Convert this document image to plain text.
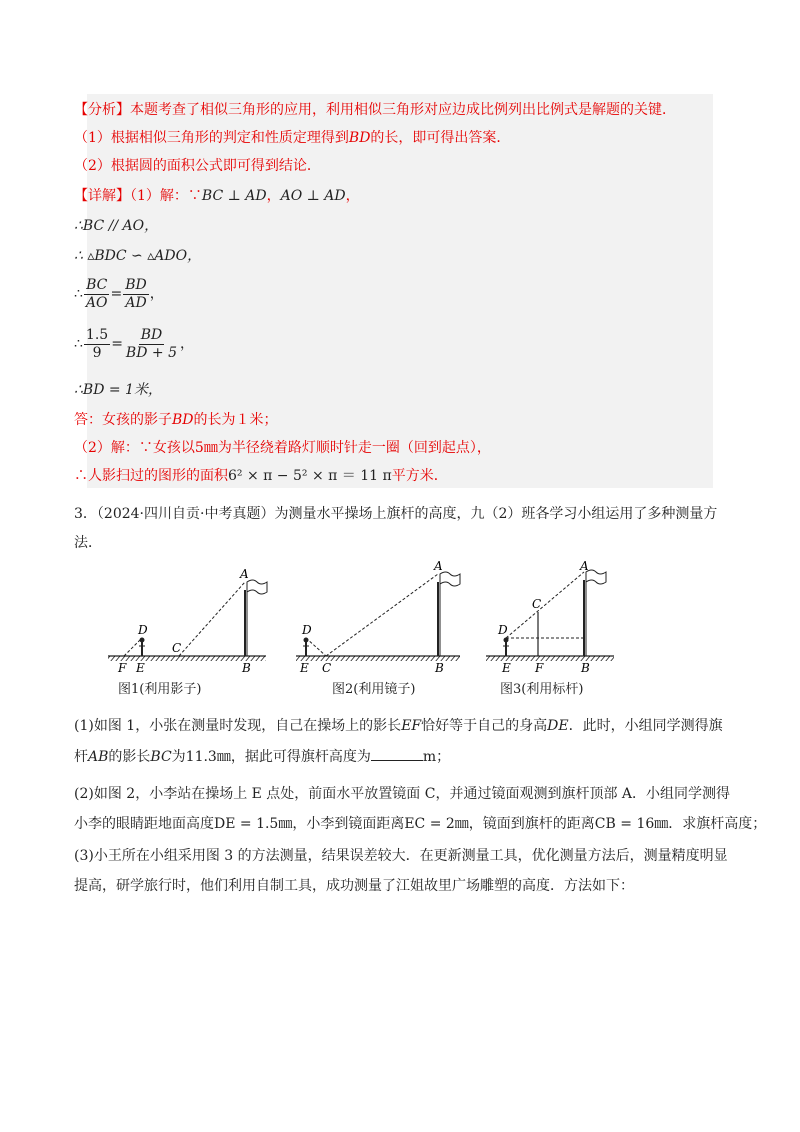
【分析】本题考查了相似三角形的应用，利用相似三角形对应边成比例列出比例式是解题的关键．
（1）根据相似三角形的判定和性质定理得到BD的长，即可得出答案．
（2）根据圆的面积公式即可得到结论．
【详解】（1）解：∵BC ⊥ AD，AO ⊥ AD，
∴BC // AO，
∴ ▵BDC ∽ ▵ADO，
∴ $\frac{BC}{AO} = \frac{BD}{AD}$ ，
∴ $\frac{1.5}{9} = \frac{BD}{BD + 5}$ ，
∴BD = 1米，
答：女孩的影子BD的长为１米；
（2）解：∵女孩以5㎜为半径绕着路灯顺时针走一圈（回到起点），
∴人影扫过的图形的面积6² × π − 5² × π ＝ 11 π平方米．
3．（2024·四川自贡·中考真题）为测量水平操场上旗杆的高度，九（2）班各学习小组运用了多种测量方
法．
A
D
C
F E	B
A
D
E C	B
A
C
D
E F	B
图1(利用影子)	图2(利用镜子)	图3(利用标杆)
(1)如图 1，小张在测量时发现，自己在操场上的影长EF恰好等于自己的身高DE．此时，小组同学测得旗
杆AB的影长BC为11.3㎜，据此可得旗杆高度为	m；
(2)如图 2，小李站在操场上 E 点处，前面水平放置镜面 C，并通过镜面观测到旗杆顶部 A．小组同学测得
小李的眼睛距地面高度DE = 1.5㎜，小李到镜面距离EC = 2㎜，镜面到旗杆的距离CB = 16㎜．求旗杆高度；
(3)小王所在小组采用图 3 的方法测量，结果误差较大．在更新测量工具，优化测量方法后，测量精度明显
提高，研学旅行时，他们利用自制工具，成功测量了江姐故里广场雕塑的高度．方法如下：
